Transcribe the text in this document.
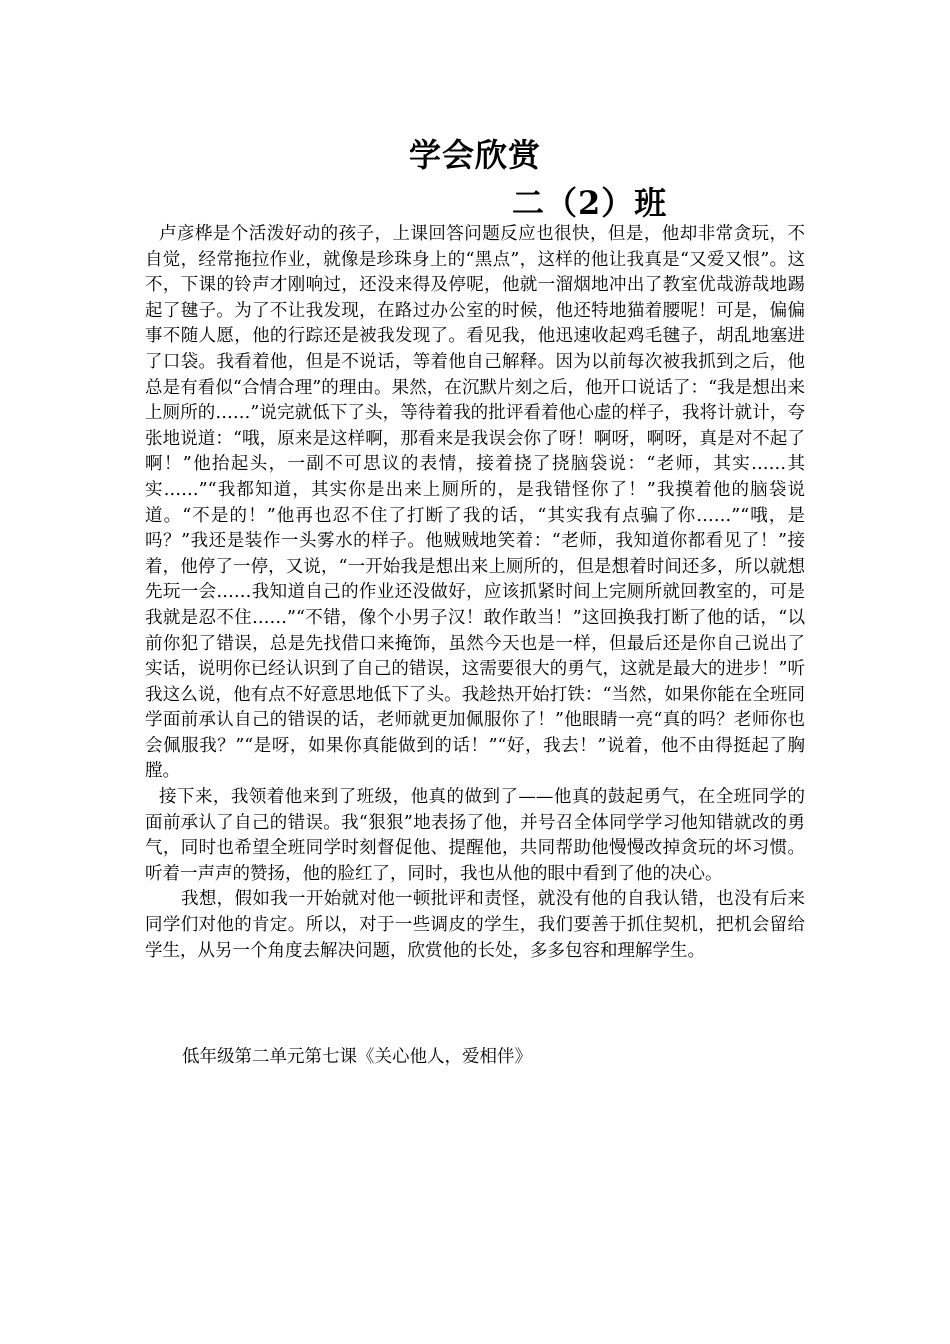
学会欣赏
二（2）班

卢彦桦是个活泼好动的孩子，上课回答问题反应也很快，但是，他却非常贪玩，不自觉，经常拖拉作业，就像是珍珠身上的“黑点”，这样的他让我真是“又爱又恨”。这不，下课的铃声才刚响过，还没来得及停呢，他就一溜烟地冲出了教室优哉游哉地踢起了毽子。为了不让我发现，在路过办公室的时候，他还特地猫着腰呢！可是，偏偏事不随人愿，他的行踪还是被我发现了。看见我，他迅速收起鸡毛毽子，胡乱地塞进了口袋。我看着他，但是不说话，等着他自己解释。因为以前每次被我抓到之后，他总是有看似“合情合理”的理由。果然，在沉默片刻之后，他开口说话了：“我是想出来上厕所的……”说完就低下了头，等待着我的批评看着他心虚的样子，我将计就计，夸张地说道：“哦，原来是这样啊，那看来是我误会你了呀！啊呀，啊呀，真是对不起了啊！”他抬起头，一副不可思议的表情，接着挠了挠脑袋说：“老师，其实……其实……”“我都知道，其实你是出来上厕所的，是我错怪你了！”我摸着他的脑袋说道。“不是的！”他再也忍不住了打断了我的话，“其实我有点骗了你……”“哦，是吗？”我还是装作一头雾水的样子。他贼贼地笑着：“老师，我知道你都看见了！”接着，他停了一停，又说，“一开始我是想出来上厕所的，但是想着时间还多，所以就想先玩一会……我知道自己的作业还没做好，应该抓紧时间上完厕所就回教室的，可是我就是忍不住……”“不错，像个小男子汉！敢作敢当！”这回换我打断了他的话，“以前你犯了错误，总是先找借口来掩饰，虽然今天也是一样，但最后还是你自己说出了实话，说明你已经认识到了自己的错误，这需要很大的勇气，这就是最大的进步！”听我这么说，他有点不好意思地低下了头。我趁热开始打铁：“当然，如果你能在全班同学面前承认自己的错误的话，老师就更加佩服你了！”他眼睛一亮“真的吗？老师你也会佩服我？”“是呀，如果你真能做到的话！”“好，我去！”说着，他不由得挺起了胸膛。

接下来，我领着他来到了班级，他真的做到了——他真的鼓起勇气，在全班同学的面前承认了自己的错误。我“狠狠”地表扬了他，并号召全体同学学习他知错就改的勇气，同时也希望全班同学时刻督促他、提醒他，共同帮助他慢慢改掉贪玩的坏习惯。听着一声声的赞扬，他的脸红了，同时，我也从他的眼中看到了他的决心。

我想，假如我一开始就对他一顿批评和责怪，就没有他的自我认错，也没有后来同学们对他的肯定。所以，对于一些调皮的学生，我们要善于抓住契机，把机会留给学生，从另一个角度去解决问题，欣赏他的长处，多多包容和理解学生。

低年级第二单元第七课《关心他人，爱相伴》
